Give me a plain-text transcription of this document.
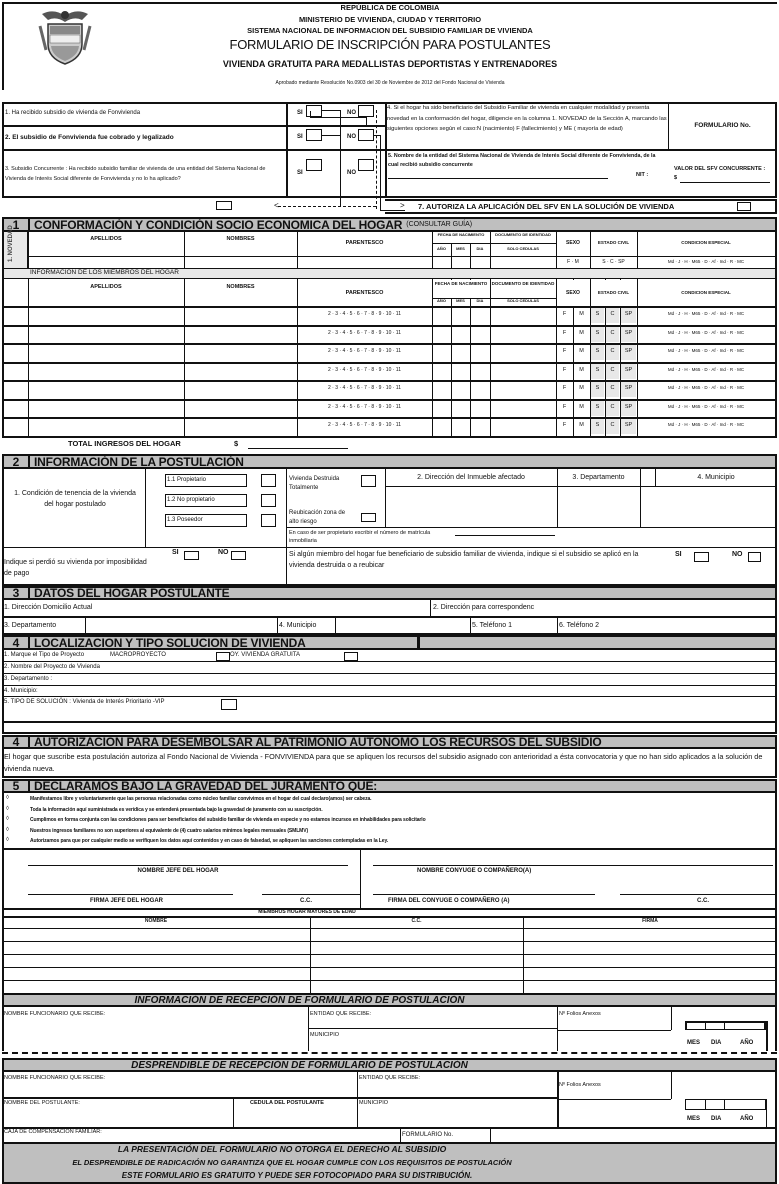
REPÚBLICA DE COLOMBIA
MINISTERIO DE VIVIENDA, CIUDAD Y TERRITORIO
SISTEMA NACIONAL DE INFORMACION DEL SUBSIDIO FAMILIAR DE VIVIENDA
FORMULARIO DE INSCRIPCIÓN PARA POSTULANTES
VIVIENDA GRATUITA PARA MEDALLISTAS DEPORTISTAS Y ENTRENADORES
Aprobado mediante Resolución No.0903 del 30 de Noviembre de 2012 del Fondo Nacional de Vivienda
1. Ha recibido subsidio de vivienda de Fonvivienda
2. El subsidio de Fonvivienda fue cobrado y legalizado
3. Subsidio Concurrente : Ha recibido subsidio familiar de vivienda de una entidad del Sistema Nacional de Vivienda de Interés Social diferente de Fonvivienda y no lo ha aplicado?
SI	NO
SI	NO
SI	NO
<
4. Si el hogar ha sido beneficiario del Subsidio Familiar de vivienda en cualquier modalidad y presenta novedad en la conformación del hogar, diligencie en la columna 1. NOVEDAD de la Sección A, marcando las siguientes opciones según el caso:N (nacimiento) F (fallecimiento) y ME ( mayoría de edad)	FORMULARIO No.
5. Nombre de la entidad del Sistema Nacional de Vivienda de Interés Social diferente de Fonvivienda, de la cual recibió subsidio concurrente
NIT :
VALOR DEL SFV CONCURRENTE :
$
> 7. AUTORIZA LA APLICACIÓN DEL SFV EN LA SOLUCIÓN DE VIVIENDA
1	CONFORMACIÓN Y CONDICIÓN SOCIO ECONOMICA DEL HOGAR (CONSULTAR GUÍA)
1. NOVEDAD	APELLIDOS	NOMBRES
PARENTESCO
FECHA DE NACIMIENTO
AÑO	MES	DIA
DOCUMENTO DE IDENTIDAD
SOLO CEDULAS
SEXO	ESTADO CIVIL	CONDICION ESPECIAL
F · M	S · C · SP	Md · J · H · M65 · D · Af · Ind · R · MC
INFORMACION DE LOS MIEMBROS DEL HOGAR
APELLIDOS	NOMBRES
PARENTESCO
FECHA DE NACIMIENTO DOCUMENTO DE IDENTIDAD
AÑO	MES	DIA	SOLO CEDULAS
SEXO	ESTADO CIVIL	CONDICION ESPECIAL
2 · 3 · 4 · 5 · 6 · 7 · 8 · 9 · 10 · 11	F	M	S	C	SP	Md · J · H · M65 · D · Af · Ind · R · MC
2 · 3 · 4 · 5 · 6 · 7 · 8 · 9 · 10 · 11	F	M	S	C	SP	Md · J · H · M65 · D · Af · Ind · R · MC
2 · 3 · 4 · 5 · 6 · 7 · 8 · 9 · 10 · 11	F	M	S	C	SP	Md · J · H · M65 · D · Af · Ind · R · MC
2 · 3 · 4 · 5 · 6 · 7 · 8 · 9 · 10 · 11	F	M	S	C	SP	Md · J · H · M65 · D · Af · Ind · R · MC
2 · 3 · 4 · 5 · 6 · 7 · 8 · 9 · 10 · 11	F	M	S	C	SP	Md · J · H · M65 · D · Af · Ind · R · MC
2 · 3 · 4 · 5 · 6 · 7 · 8 · 9 · 10 · 11	F	M	S	C	SP	Md · J · H · M65 · D · Af · Ind · R · MC
2 · 3 · 4 · 5 · 6 · 7 · 8 · 9 · 10 · 11	F	M	S	C	SP	Md · J · H · M65 · D · Af · Ind · R · MC
TOTAL INGRESOS DEL HOGAR	$
2	INFORMACIÓN DE LA POSTULACIÓN
1. Condición de tenencia de la vivienda del hogar postulado
1.1 Propietario
1.2 No propietario
1.3 Poseedor
Vivienda Destruida Totalmente
Reubicación zona de alto riesgo
2. Dirección del Inmueble afectado	3. Departamento	4. Municipio
En caso de ser propietario escribir el número de matrícula inmobiliaria
Indique si perdió su vivienda por imposibilidad de pago
SI	NO	Si algún miembro del hogar fue beneficiario de subsidio familiar de vivienda, indique si el subsidio se aplicó en la vivienda destruida o a reubicar
SI	NO
3	DATOS DEL HOGAR POSTULANTE
1. Dirección Domicilio Actual	2. Dirección para correspondenc
3. Departamento	4. Municipio	5. Teléfono 1	6. Teléfono 2
4	LOCALIZACION Y TIPO SOLUCION DE VIVIENDA
1. Marque el Tipo de Proyecto	MACROPROYECTO	OY. VIVIENDA GRATUITA
2. Nombre del Proyecto de Vivienda
3. Departamento :
4. Municipio:
5. TIPO DE SOLUCIÓN : Vivienda de Interés Prioritario -VIP
4	AUTORIZACION PARA DESEMBOLSAR AL PATRIMONIO AUTONOMO LOS RECURSOS DEL SUBSIDIO
El hogar que suscribe esta postulación autoriza al Fondo Nacional de Vivienda - FONVIVIENDA para que se apliquen los recursos del subsidio asignado con anterioridad a ésta convocatoria y que no han sido aplicados a la solución de vivienda nueva.
5	DECLARAMOS BAJO LA GRAVEDAD DEL JURAMENTO QUE:
◊	Manifestamos libre y voluntariamente que las personas relacionadas como núcleo familiar convivimos en el hogar del cual declaro(amos) ser cabeza.
◊	Toda la información aquí suministrada es verídica y se entenderá presentada bajo la gravedad de juramento con su suscripción.
◊	Cumplimos en forma conjunta con las condiciones para ser beneficiarios del subsidio familiar de vivienda en especie y no estamos incursos en inhabilidades para solicitarlo
◊	Nuestros ingresos familiares no son superiores al equivalente de (4) cuatro salarios mínimos legales mensuales (SMLMV)
◊	Autorizamos para que por cualquier medio se verifiquen los datos aquí contenidos y en caso de falsedad, se apliquen las sanciones contempladas en la Ley.
NOMBRE JEFE DEL HOGAR	NOMBRE CONYUGE O COMPAÑERO(A)
FIRMA JEFE DEL HOGAR	C.C.	FIRMA DEL CONYUGE O COMPAÑERO (A)	C.C.
MIEMBROS HOGAR MAYORES DE EDAD
NOMBRE	C.C.	FIRMA
INFORMACIÓN DE RECEPCIÓN DE FORMULARIO DE POSTULACIÓN
NOMBRE FUNCIONARIO QUE RECIBE:	ENTIDAD QUE RECIBE:	Nº Folios Anexos
MUNICIPIO
MES DIA	AÑO
DESPRENDIBLE DE RECEPCIÓN DE FORMULARIO DE POSTULACIÓN
NOMBRE FUNCIONARIO QUE RECIBE:	ENTIDAD QUE RECIBE:
Nº Folios Anexos
NOMBRE DEL POSTULANTE:	CEDULA DEL POSTULANTE	MUNICIPIO
MES DIA	AÑO
CAJA DE COMPENSACION FAMILIAR:	FORMULARIO No.
LA PRESENTACIÓN DEL FORMULARIO NO OTORGA EL DERECHO AL SUBSIDIO
EL DESPRENDIBLE DE RADICACIÓN NO GARANTIZA QUE EL HOGAR CUMPLE CON LOS REQUISITOS DE POSTULACIÓN
ESTE FORMULARIO ES GRATUITO Y PUEDE SER FOTOCOPIADO PARA SU DISTRIBUCIÓN.
